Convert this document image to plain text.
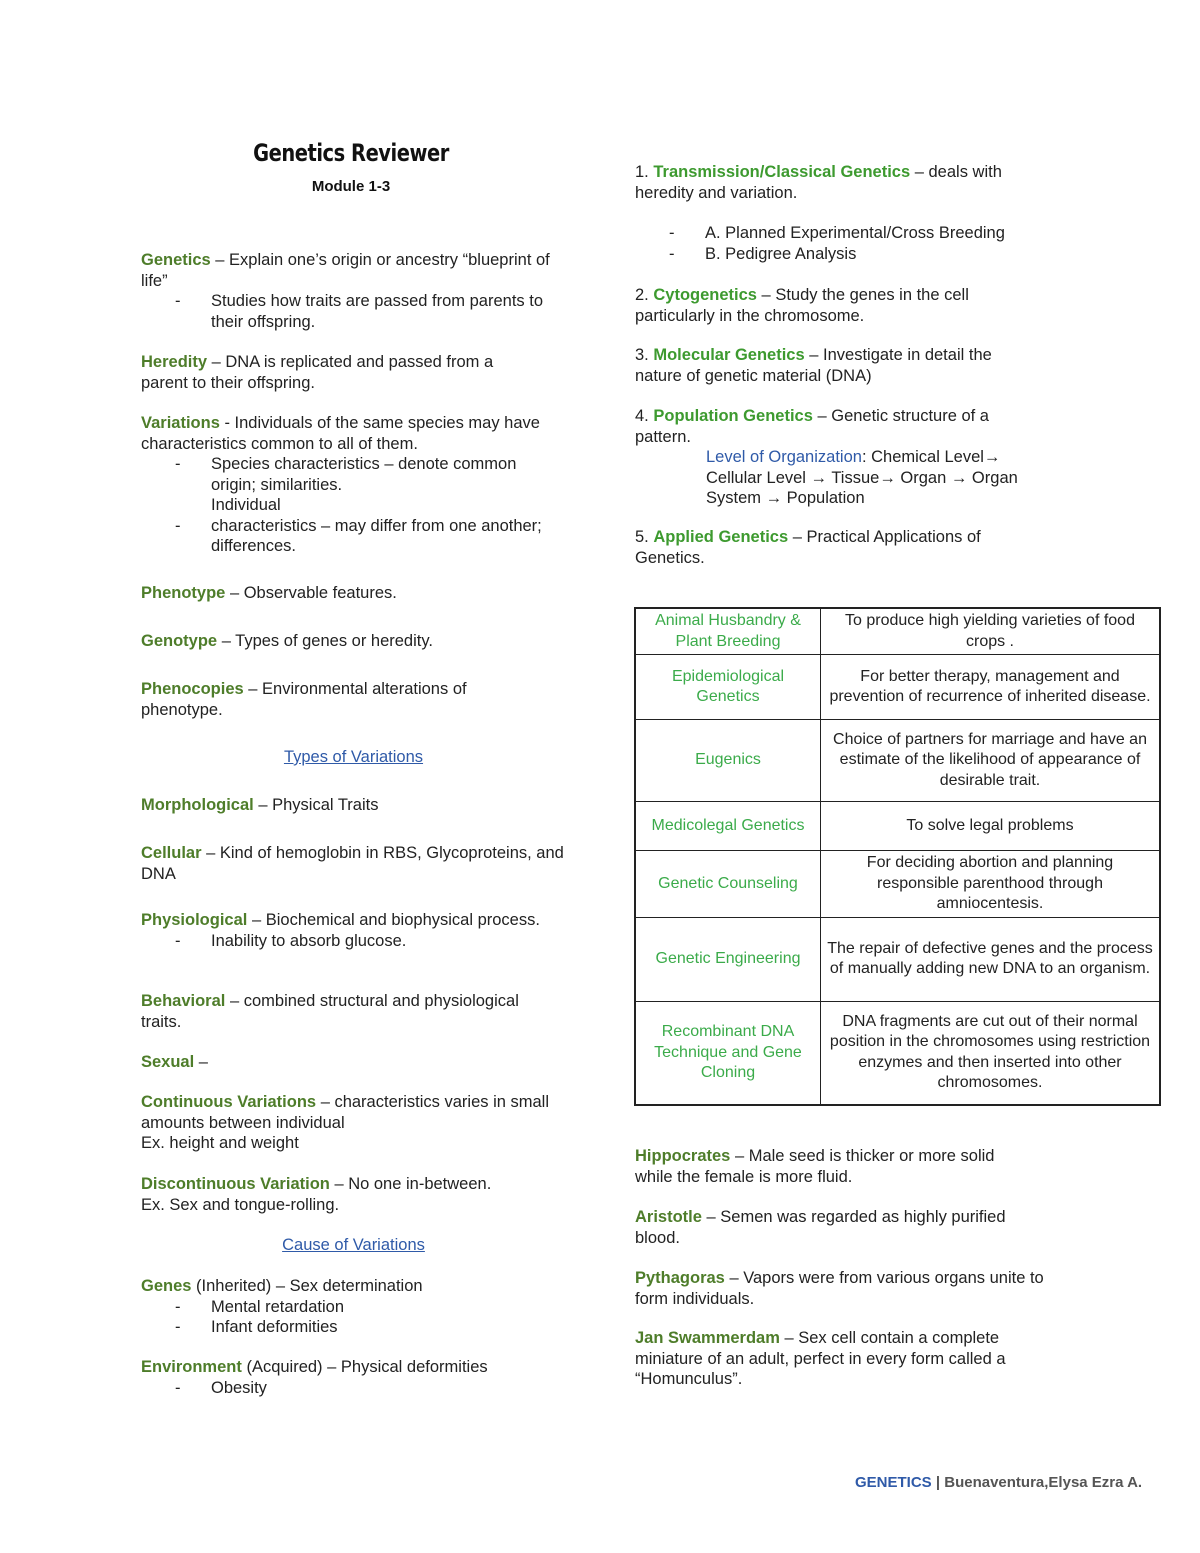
Genetics Reviewer
Module 1-3
Genetics – Explain one’s origin or ancestry “blueprint of life”
- Studies how traits are passed from parents to their offspring.
Heredity – DNA is replicated and passed from a parent to their offspring.
Variations - Individuals of the same species may have characteristics common to all of them.
- Species characteristics – denote common origin; similarities.
Individual
- characteristics – may differ from one another; differences.
Phenotype – Observable features.
Genotype – Types of genes or heredity.
Phenocopies – Environmental alterations of phenotype.
Types of Variations
Morphological – Physical Traits
Cellular – Kind of hemoglobin in RBS, Glycoproteins, and DNA
Physiological – Biochemical and biophysical process.
- Inability to absorb glucose.
Behavioral – combined structural and physiological traits.
Sexual –
Continuous Variations – characteristics varies in small amounts between individual
Ex. height and weight
Discontinuous Variation – No one in-between.
Ex. Sex and tongue-rolling.
Cause of Variations
Genes (Inherited) – Sex determination
- Mental retardation
- Infant deformities
Environment (Acquired) – Physical deformities
- Obesity
1. Transmission/Classical Genetics – deals with heredity and variation.
- A. Planned Experimental/Cross Breeding
- B. Pedigree Analysis
2. Cytogenetics – Study the genes in the cell particularly in the chromosome.
3. Molecular Genetics – Investigate in detail the nature of genetic material (DNA)
4. Population Genetics – Genetic structure of a pattern.
Level of Organization: Chemical Level→ Cellular Level → Tissue→ Organ → Organ System → Population
5. Applied Genetics – Practical Applications of Genetics.
Animal Husbandry & Plant Breeding	To produce high yielding varieties of food crops .
Epidemiological Genetics	For better therapy, management and prevention of recurrence of inherited disease.
Eugenics	Choice of partners for marriage and have an estimate of the likelihood of appearance of desirable trait.
Medicolegal Genetics	To solve legal problems
Genetic Counseling	For deciding abortion and planning responsible parenthood through amniocentesis.
Genetic Engineering	The repair of defective genes and the process of manually adding new DNA to an organism.
Recombinant DNA Technique and Gene Cloning	DNA fragments are cut out of their normal position in the chromosomes using restriction enzymes and then inserted into other chromosomes.
Hippocrates – Male seed is thicker or more solid while the female is more fluid.
Aristotle – Semen was regarded as highly purified blood.
Pythagoras – Vapors were from various organs unite to form individuals.
Jan Swammerdam – Sex cell contain a complete miniature of an adult, perfect in every form called a “Homunculus”.
GENETICS | Buenaventura,Elysa Ezra A.
